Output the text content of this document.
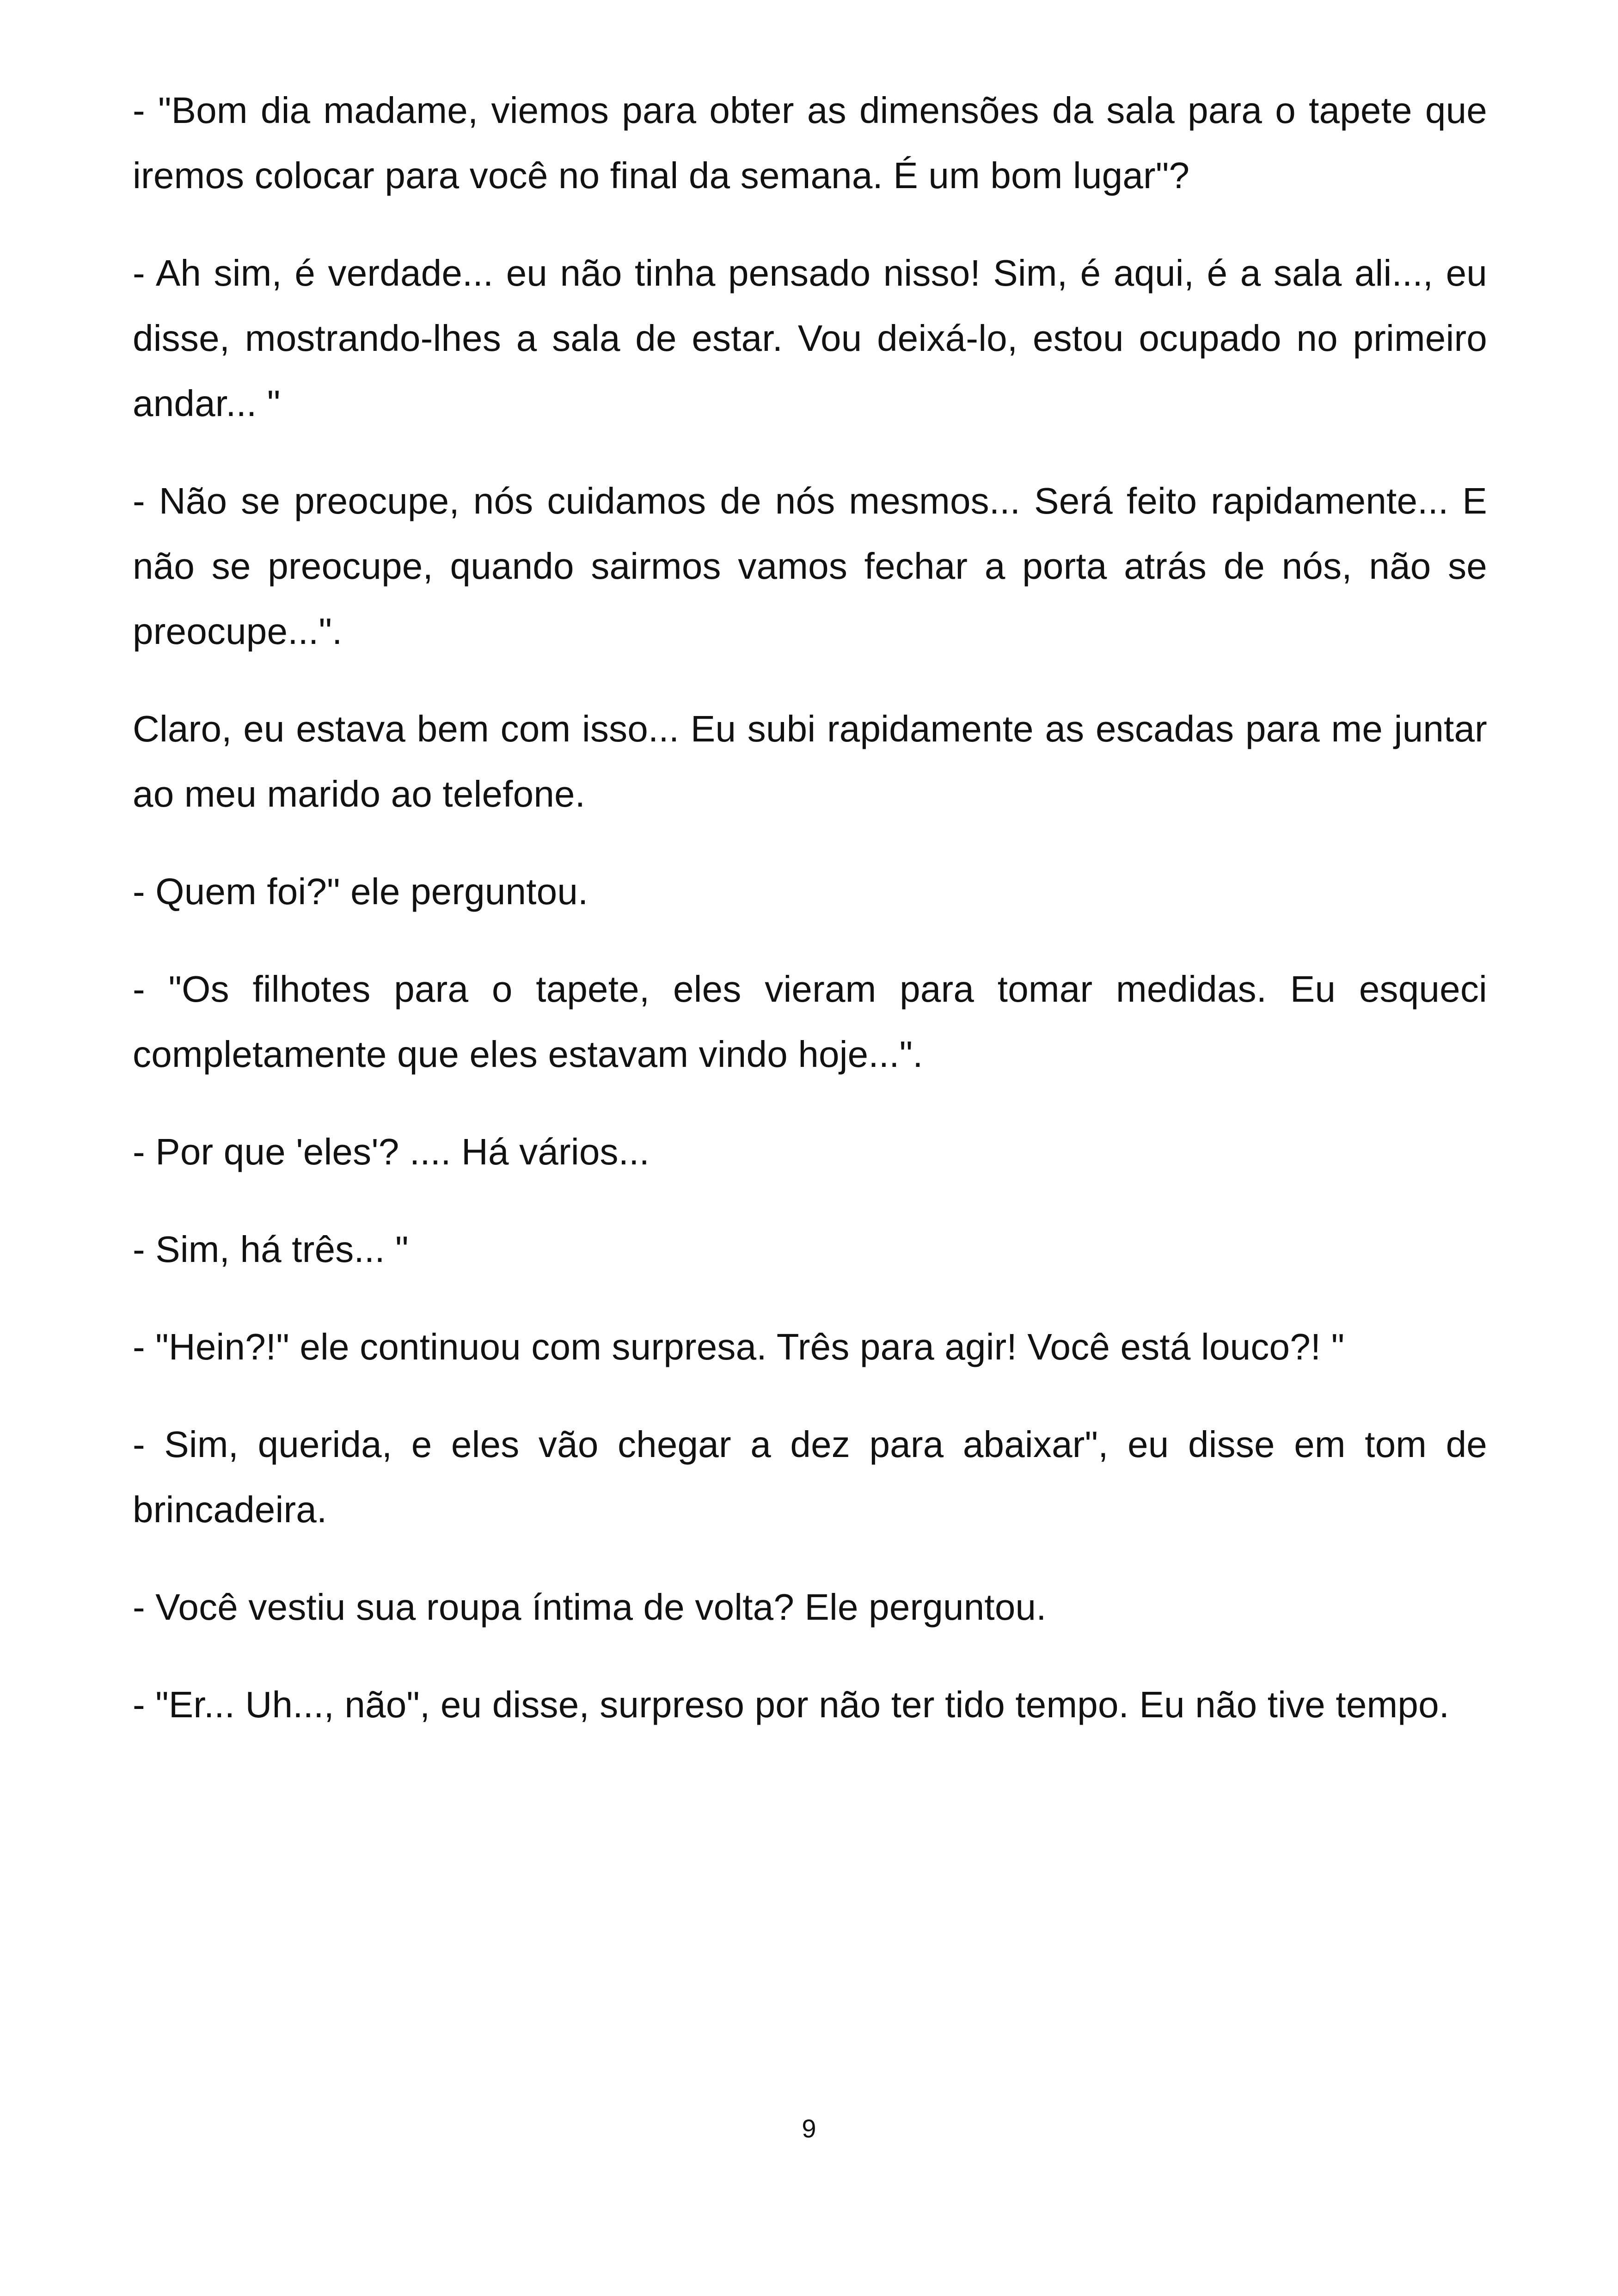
- "Bom dia madame, viemos para obter as dimensões da sala para o tapete que iremos colocar para você no final da semana. É um bom lugar"?

- Ah sim, é verdade... eu não tinha pensado nisso! Sim, é aqui, é a sala ali..., eu disse, mostrando-lhes a sala de estar. Vou deixá-lo, estou ocupado no primeiro andar... "

- Não se preocupe, nós cuidamos de nós mesmos... Será feito rapidamente... E não se preocupe, quando sairmos vamos fechar a porta atrás de nós, não se preocupe...".

Claro, eu estava bem com isso... Eu subi rapidamente as escadas para me juntar ao meu marido ao telefone.

- Quem foi?" ele perguntou.

- "Os filhotes para o tapete, eles vieram para tomar medidas. Eu esqueci completamente que eles estavam vindo hoje...".

- Por que 'eles'? .... Há vários...

- Sim, há três... "

- "Hein?!" ele continuou com surpresa. Três para agir! Você está louco?! "

- Sim, querida, e eles vão chegar a dez para abaixar", eu disse em tom de brincadeira.

- Você vestiu sua roupa íntima de volta? Ele perguntou.

- "Er... Uh..., não", eu disse, surpreso por não ter tido tempo. Eu não tive tempo.

9
